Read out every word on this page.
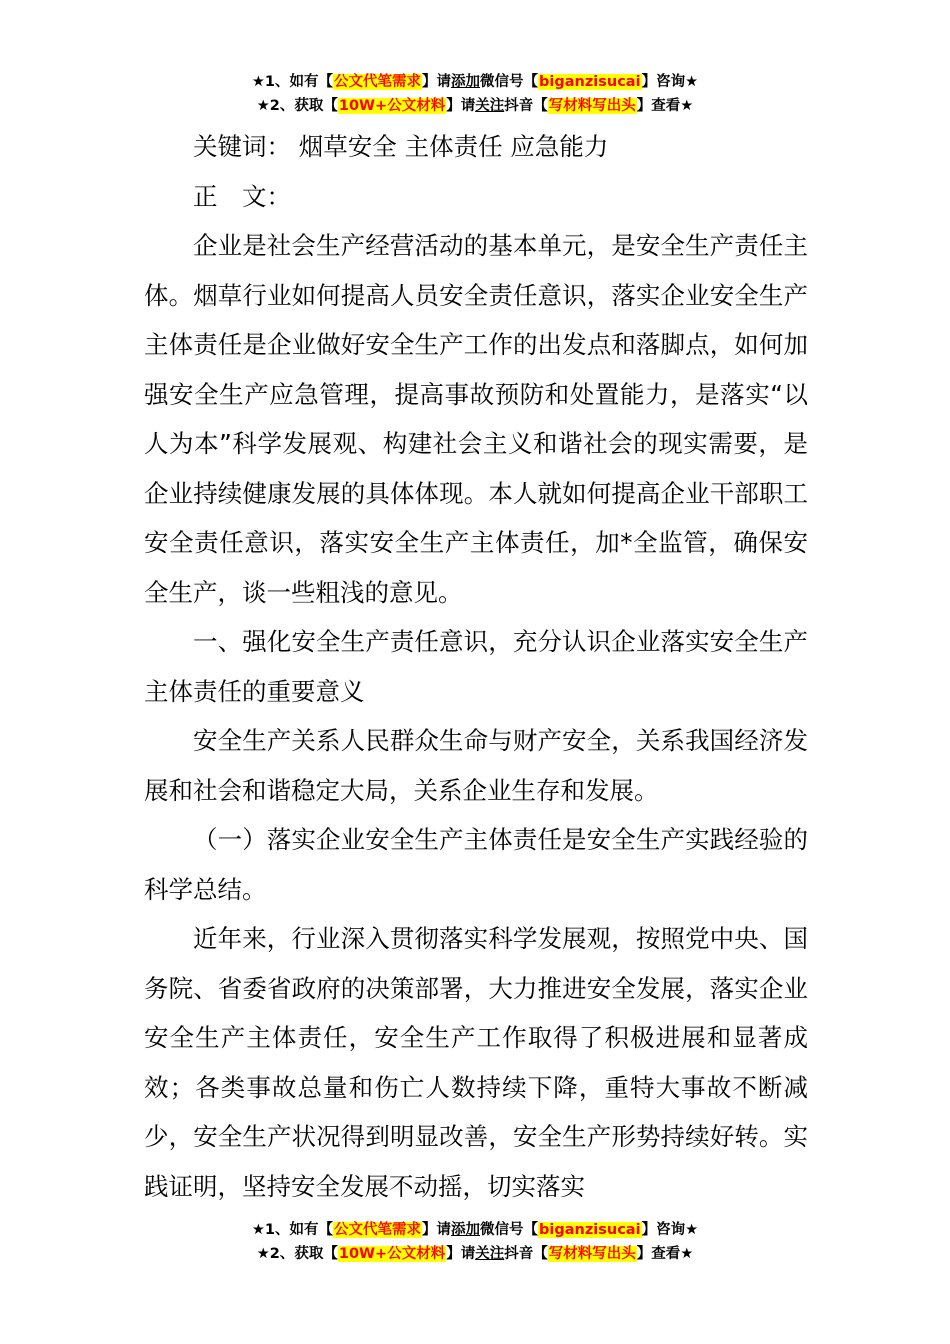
★1、如有【公文代笔需求】请添加微信号【biganzisucai】咨询★
★2、获取【10W+公文材料】请关注抖音【写材料写出头】查看★

关键词： 烟草安全 主体责任 应急能力

正　文：

企业是社会生产经营活动的基本单元，是安全生产责任主体。烟草行业如何提高人员安全责任意识，落实企业安全生产主体责任是企业做好安全生产工作的出发点和落脚点，如何加强安全生产应急管理，提高事故预防和处置能力，是落实“以人为本”科学发展观、构建社会主义和谐社会的现实需要，是企业持续健康发展的具体体现。本人就如何提高企业干部职工安全责任意识，落实安全生产主体责任，加*全监管，确保安全生产，谈一些粗浅的意见。

一、强化安全生产责任意识，充分认识企业落实安全生产主体责任的重要意义

安全生产关系人民群众生命与财产安全，关系我国经济发展和社会和谐稳定大局，关系企业生存和发展。

（一）落实企业安全生产主体责任是安全生产实践经验的科学总结。

近年来，行业深入贯彻落实科学发展观，按照党中央、国务院、省委省政府的决策部署，大力推进安全发展，落实企业安全生产主体责任，安全生产工作取得了积极进展和显著成效；各类事故总量和伤亡人数持续下降，重特大事故不断减少，安全生产状况得到明显改善，安全生产形势持续好转。实践证明，坚持安全发展不动摇，切实落实

★1、如有【公文代笔需求】请添加微信号【biganzisucai】咨询★
★2、获取【10W+公文材料】请关注抖音【写材料写出头】查看★
